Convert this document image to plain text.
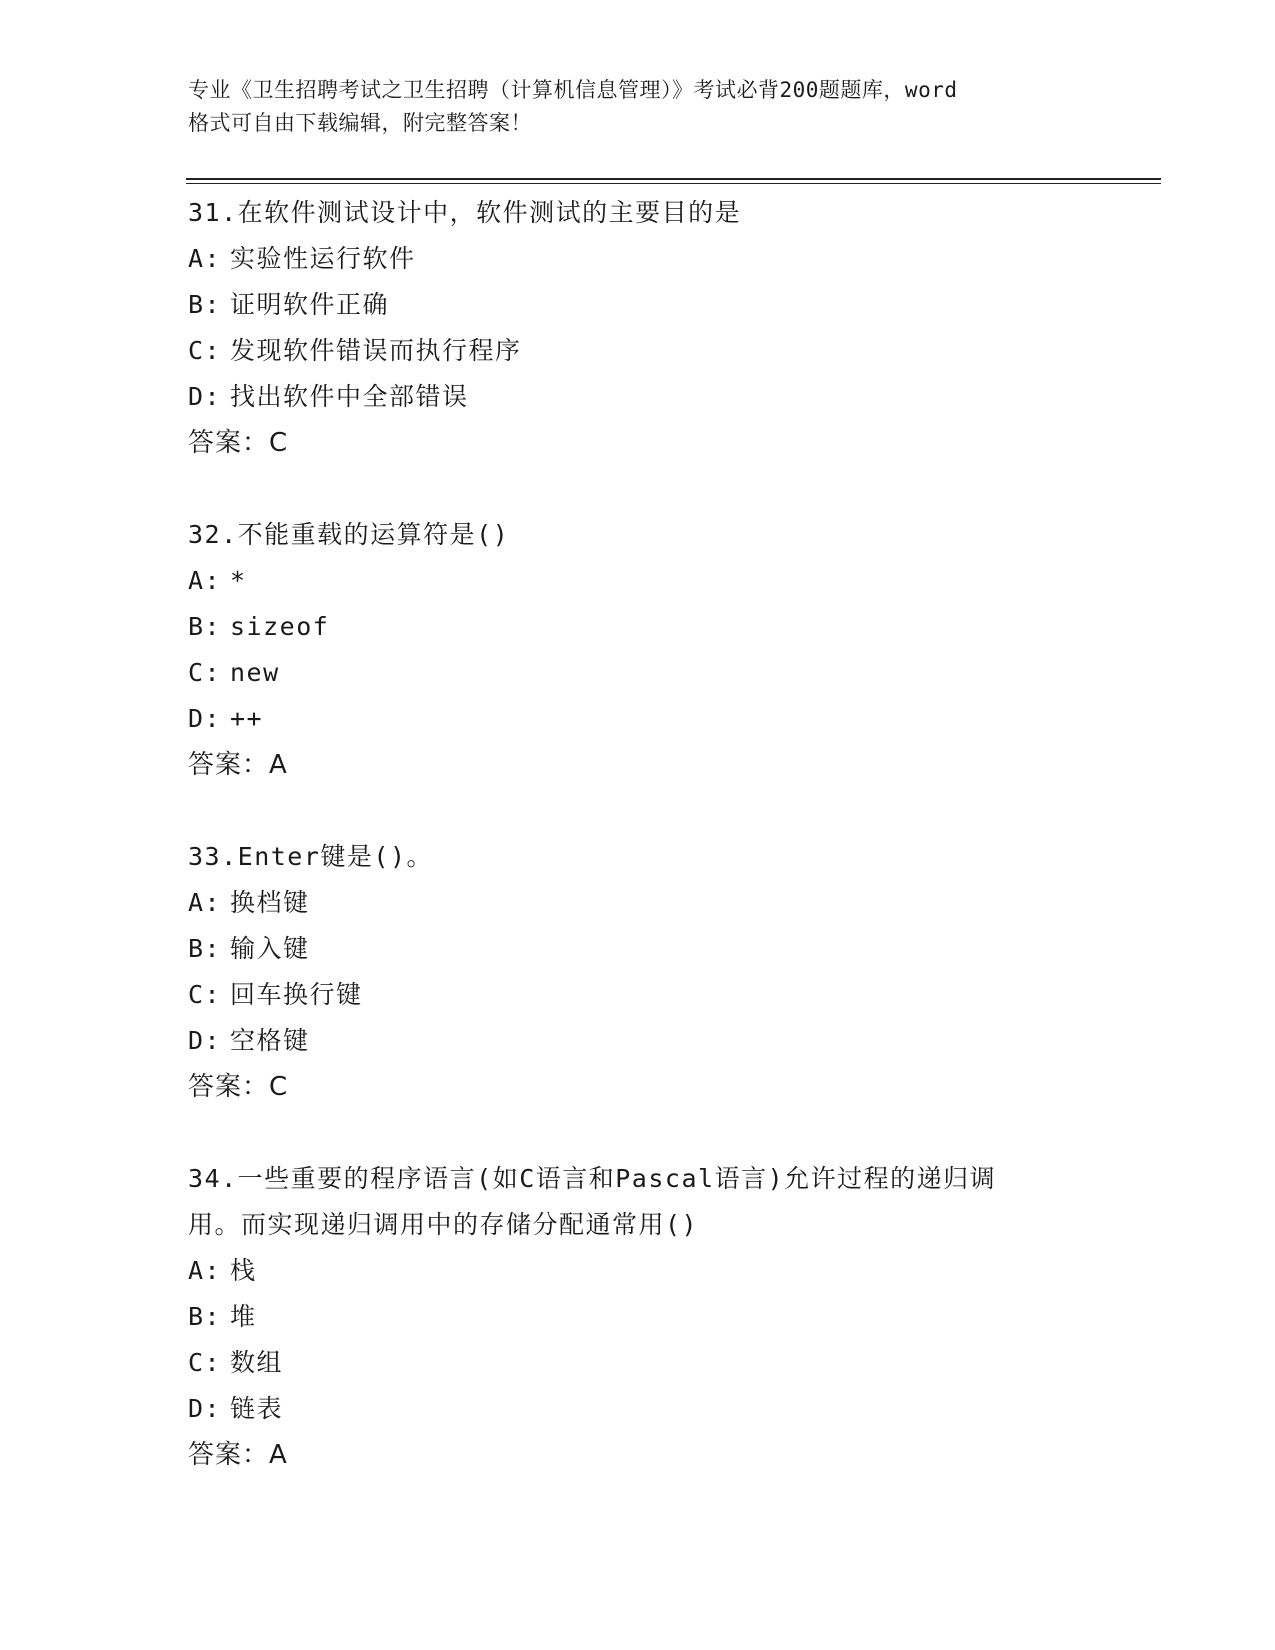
专业《卫生招聘考试之卫生招聘（计算机信息管理）》考试必背200题题库，word
格式可自由下载编辑，附完整答案！
31.在软件测试设计中，软件测试的主要目的是
A: 实验性运行软件
B: 证明软件正确
C: 发现软件错误而执行程序
D: 找出软件中全部错误
答案：C
32.不能重载的运算符是()
A: *
B: sizeof
C: new
D: ++
答案：A
33.Enter键是()。
A: 换档键
B: 输入键
C: 回车换行键
D: 空格键
答案：C
34.一些重要的程序语言(如C语言和Pascal语言)允许过程的递归调
用。而实现递归调用中的存储分配通常用()
A: 栈
B: 堆
C: 数组
D: 链表
答案：A
